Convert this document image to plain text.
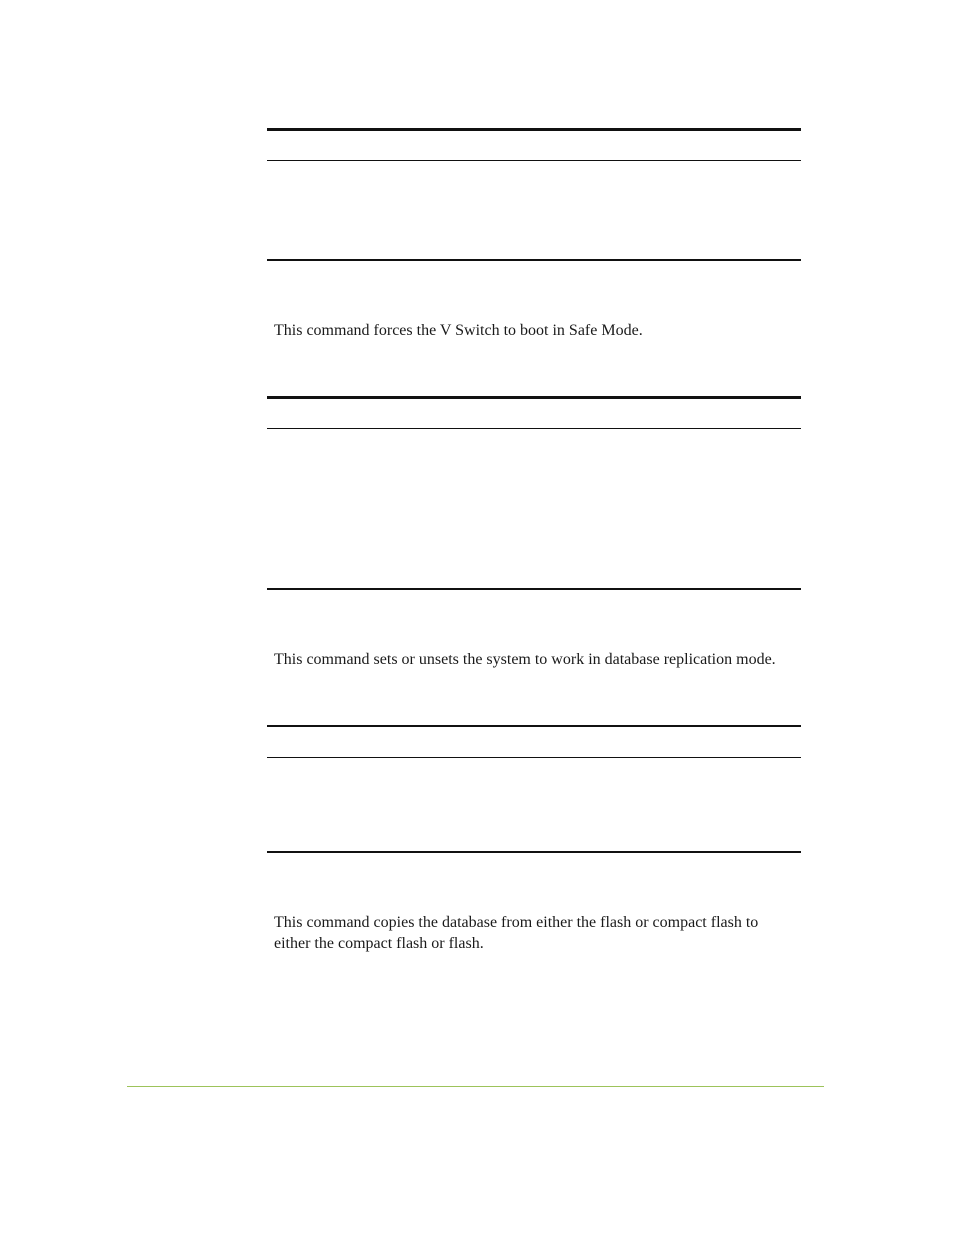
This command forces the V Switch to boot in Safe Mode.

This command sets or unsets the system to work in database replication mode.

This command copies the database from either the flash or compact flash to
either the compact flash or flash.
